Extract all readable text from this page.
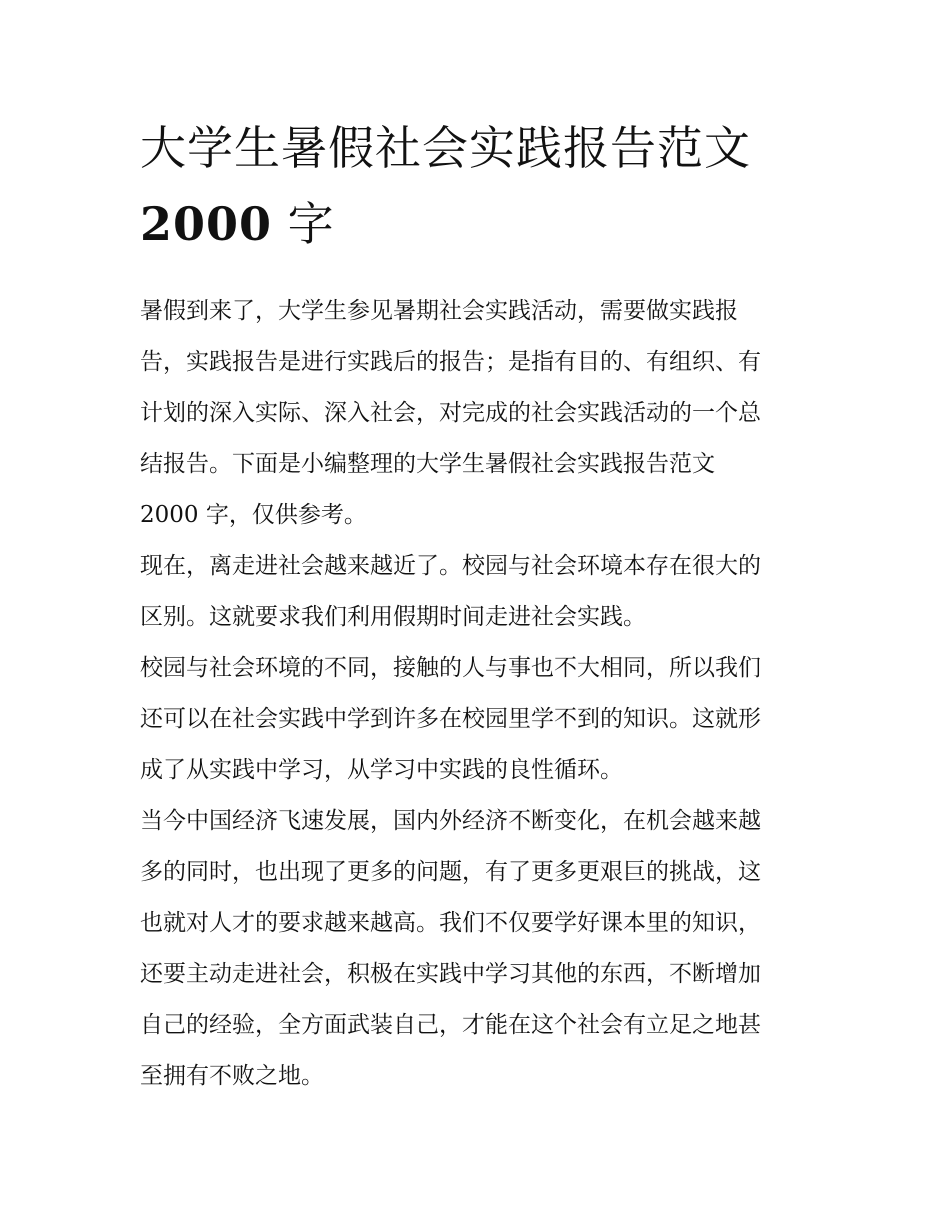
大学生暑假社会实践报告范文
2000 字

暑假到来了，大学生参见暑期社会实践活动，需要做实践报
告，实践报告是进行实践后的报告；是指有目的、有组织、有
计划的深入实际、深入社会，对完成的社会实践活动的一个总
结报告。下面是小编整理的大学生暑假社会实践报告范文
2000 字，仅供参考。

现在，离走进社会越来越近了。校园与社会环境本存在很大的
区别。这就要求我们利用假期时间走进社会实践。

校园与社会环境的不同，接触的人与事也不大相同，所以我们
还可以在社会实践中学到许多在校园里学不到的知识。这就形
成了从实践中学习，从学习中实践的良性循环。

当今中国经济飞速发展，国内外经济不断变化，在机会越来越
多的同时，也出现了更多的问题，有了更多更艰巨的挑战，这
也就对人才的要求越来越高。我们不仅要学好课本里的知识，
还要主动走进社会，积极在实践中学习其他的东西，不断增加
自己的经验，全方面武装自己，才能在这个社会有立足之地甚
至拥有不败之地。
